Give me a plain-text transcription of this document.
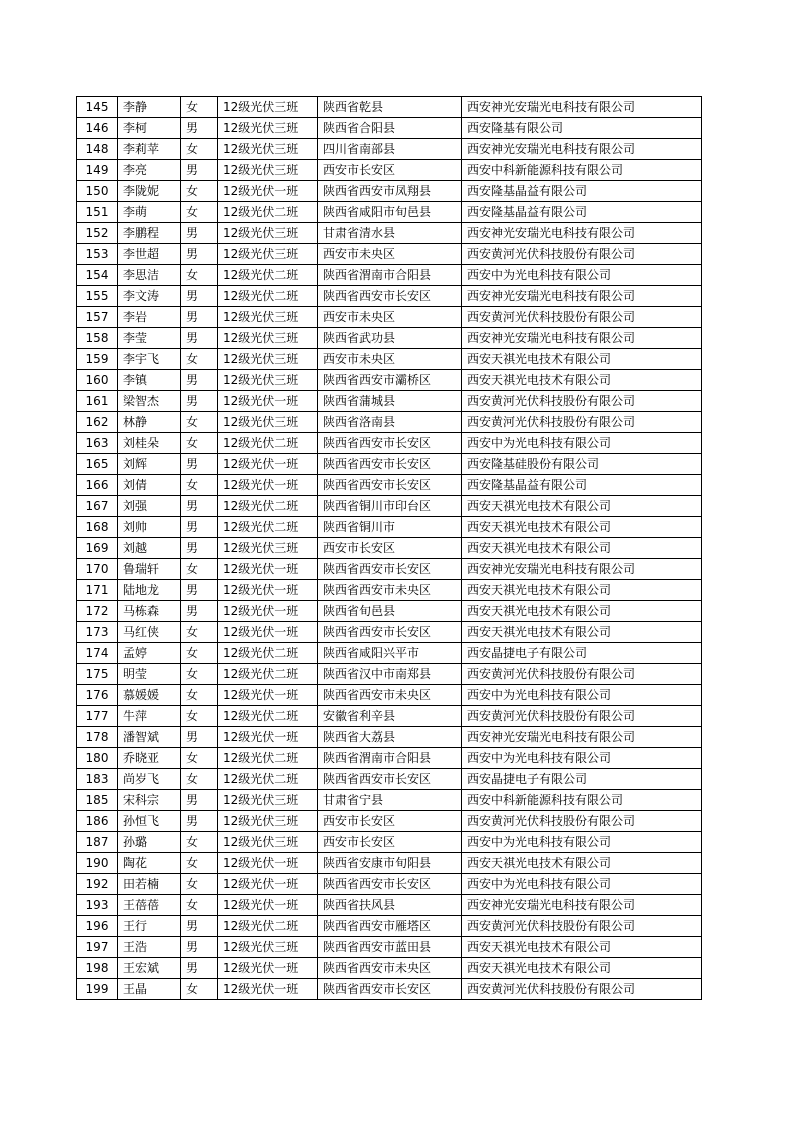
145	李静	女	12级光伏三班	陕西省乾县	西安神光安瑞光电科技有限公司
146	李柯	男	12级光伏三班	陕西省合阳县	西安隆基有限公司
148	李莉苹	女	12级光伏三班	四川省南部县	西安神光安瑞光电科技有限公司
149	李亮	男	12级光伏三班	西安市长安区	西安中科新能源科技有限公司
150	李陇妮	女	12级光伏一班	陕西省西安市凤翔县	西安隆基晶益有限公司
151	李萌	女	12级光伏二班	陕西省咸阳市旬邑县	西安隆基晶益有限公司
152	李鹏程	男	12级光伏三班	甘肃省清水县	西安神光安瑞光电科技有限公司
153	李世超	男	12级光伏三班	西安市未央区	西安黄河光伏科技股份有限公司
154	李思洁	女	12级光伏二班	陕西省渭南市合阳县	西安中为光电科技有限公司
155	李文涛	男	12级光伏二班	陕西省西安市长安区	西安神光安瑞光电科技有限公司
157	李岩	男	12级光伏三班	西安市未央区	西安黄河光伏科技股份有限公司
158	李莹	男	12级光伏三班	陕西省武功县	西安神光安瑞光电科技有限公司
159	李宇飞	女	12级光伏三班	西安市未央区	西安天祺光电技术有限公司
160	李镇	男	12级光伏三班	陕西省西安市灞桥区	西安天祺光电技术有限公司
161	梁智杰	男	12级光伏一班	陕西省蒲城县	西安黄河光伏科技股份有限公司
162	林静	女	12级光伏三班	陕西省洛南县	西安黄河光伏科技股份有限公司
163	刘桂朵	女	12级光伏二班	陕西省西安市长安区	西安中为光电科技有限公司
165	刘辉	男	12级光伏一班	陕西省西安市长安区	西安隆基硅股份有限公司
166	刘倩	女	12级光伏一班	陕西省西安市长安区	西安隆基晶益有限公司
167	刘强	男	12级光伏二班	陕西省铜川市印台区	西安天祺光电技术有限公司
168	刘帅	男	12级光伏二班	陕西省铜川市	西安天祺光电技术有限公司
169	刘越	男	12级光伏三班	西安市长安区	西安天祺光电技术有限公司
170	鲁瑞轩	女	12级光伏一班	陕西省西安市长安区	西安神光安瑞光电科技有限公司
171	陆地龙	男	12级光伏一班	陕西省西安市未央区	西安天祺光电技术有限公司
172	马栋森	男	12级光伏一班	陕西省旬邑县	西安天祺光电技术有限公司
173	马红侠	女	12级光伏一班	陕西省西安市长安区	西安天祺光电技术有限公司
174	孟婷	女	12级光伏二班	陕西省咸阳兴平市	西安晶捷电子有限公司
175	明莹	女	12级光伏二班	陕西省汉中市南郑县	西安黄河光伏科技股份有限公司
176	慕媛媛	女	12级光伏一班	陕西省西安市未央区	西安中为光电科技有限公司
177	牛萍	女	12级光伏二班	安徽省利辛县	西安黄河光伏科技股份有限公司
178	潘智斌	男	12级光伏一班	陕西省大荔县	西安神光安瑞光电科技有限公司
180	乔晓亚	女	12级光伏二班	陕西省渭南市合阳县	西安中为光电科技有限公司
183	尚岁飞	女	12级光伏二班	陕西省西安市长安区	西安晶捷电子有限公司
185	宋科宗	男	12级光伏三班	甘肃省宁县	西安中科新能源科技有限公司
186	孙恒飞	男	12级光伏三班	西安市长安区	西安黄河光伏科技股份有限公司
187	孙璐	女	12级光伏三班	西安市长安区	西安中为光电科技有限公司
190	陶花	女	12级光伏一班	陕西省安康市旬阳县	西安天祺光电技术有限公司
192	田若楠	女	12级光伏一班	陕西省西安市长安区	西安中为光电科技有限公司
193	王蓓蓓	女	12级光伏一班	陕西省扶风县	西安神光安瑞光电科技有限公司
196	王行	男	12级光伏二班	陕西省西安市雁塔区	西安黄河光伏科技股份有限公司
197	王浩	男	12级光伏三班	陕西省西安市蓝田县	西安天祺光电技术有限公司
198	王宏斌	男	12级光伏一班	陕西省西安市未央区	西安天祺光电技术有限公司
199	王晶	女	12级光伏一班	陕西省西安市长安区	西安黄河光伏科技股份有限公司
